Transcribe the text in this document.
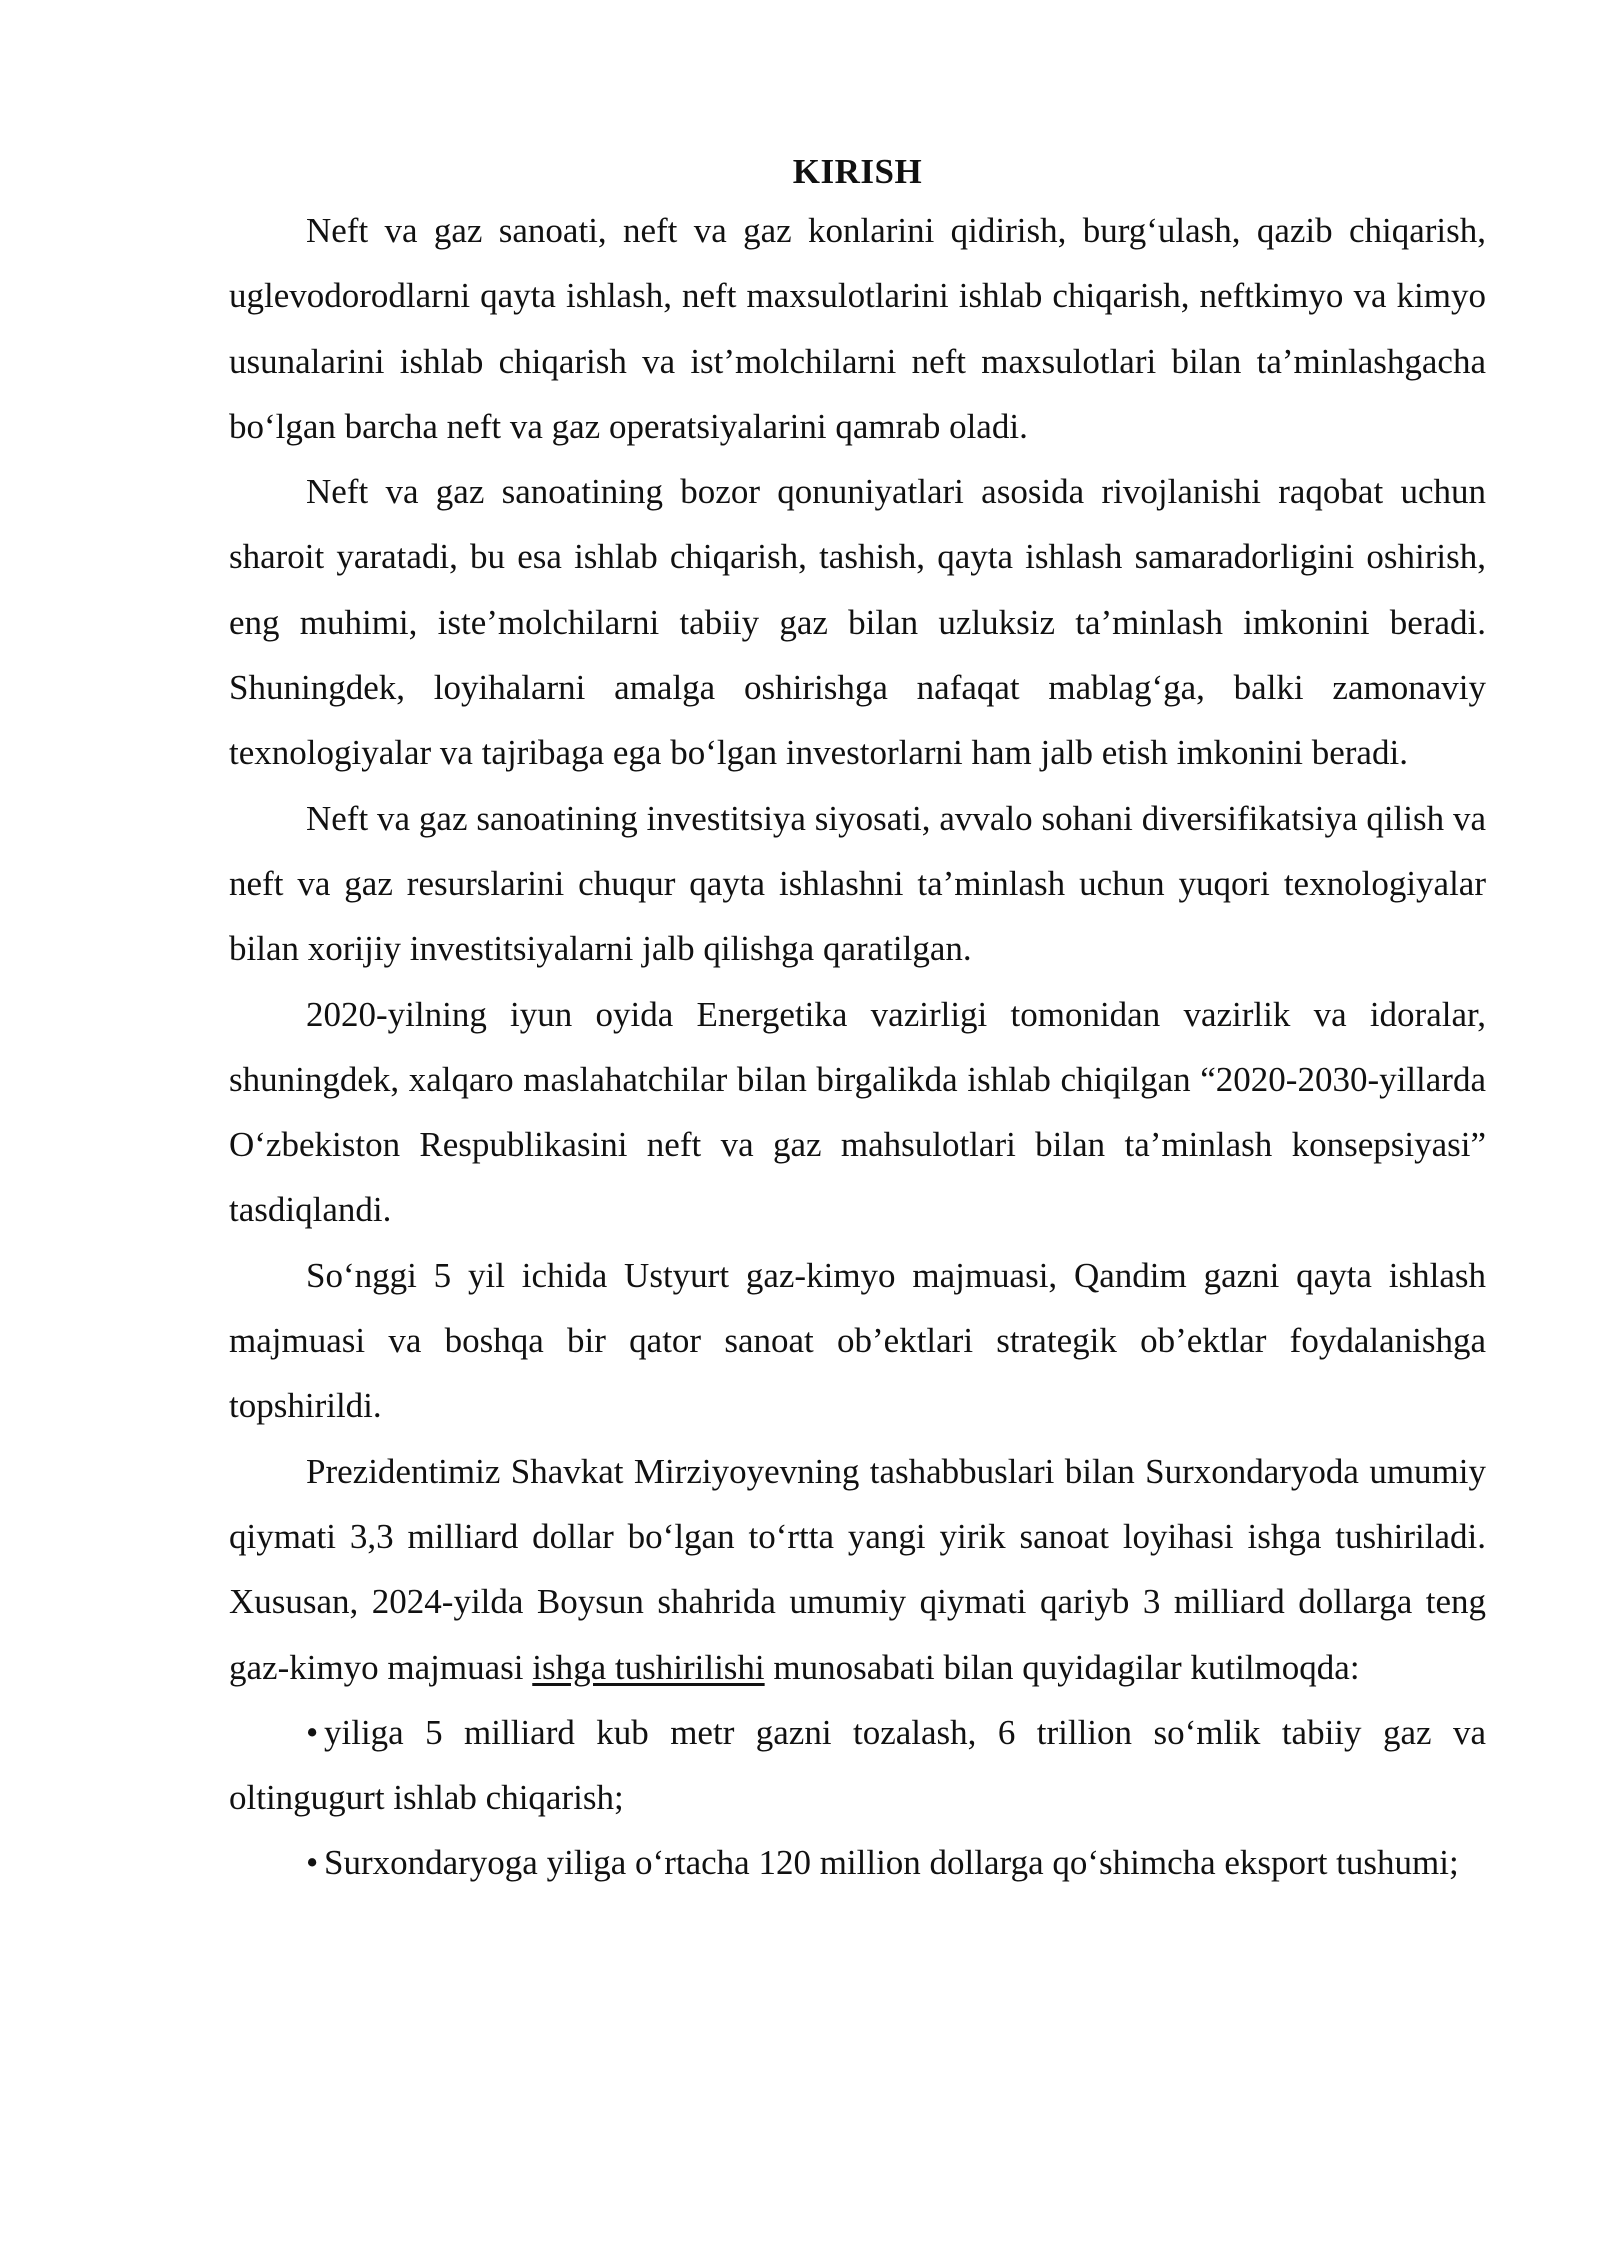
KIRISH

Neft va gaz sanoati, neft va gaz konlarini qidirish, burg‘ulash, qazib chiqarish, uglevodorodlarni qayta ishlash, neft maxsulotlarini ishlab chiqarish, neftkimyo va kimyo usunalarini ishlab chiqarish va ist’molchilarni neft maxsulotlari bilan ta’minlashgacha bo‘lgan barcha neft va gaz operatsiyalarini qamrab oladi.

Neft va gaz sanoatining bozor qonuniyatlari asosida rivojlanishi raqobat uchun sharoit yaratadi, bu esa ishlab chiqarish, tashish, qayta ishlash samaradorligini oshirish, eng muhimi, iste’molchilarni tabiiy gaz bilan uzluksiz ta’minlash imkonini beradi. Shuningdek, loyihalarni amalga oshirishga nafaqat mablag‘ga, balki zamonaviy texnologiyalar va tajribaga ega bo‘lgan investorlarni ham jalb etish imkonini beradi.

Neft va gaz sanoatining investitsiya siyosati, avvalo sohani diversifikatsiya qilish va neft va gaz resurslarini chuqur qayta ishlashni ta’minlash uchun yuqori texnologiyalar bilan xorijiy investitsiyalarni jalb qilishga qaratilgan.

2020-yilning iyun oyida Energetika vazirligi tomonidan vazirlik va idoralar, shuningdek, xalqaro maslahatchilar bilan birgalikda ishlab chiqilgan “2020-2030-yillarda O‘zbekiston Respublikasini neft va gaz mahsulotlari bilan ta’minlash konsepsiyasi” tasdiqlandi.

So‘nggi 5 yil ichida Ustyurt gaz-kimyo majmuasi, Qandim gazni qayta ishlash majmuasi va boshqa bir qator sanoat ob’ektlari strategik ob’ektlar foydalanishga topshirildi.

Prezidentimiz Shavkat Mirziyoyevning tashabbuslari bilan Surxondaryoda umumiy qiymati 3,3 milliard dollar bo‘lgan to‘rtta yangi yirik sanoat loyihasi ishga tushiriladi. Xususan, 2024-yilda Boysun shahrida umumiy qiymati qariyb 3 milliard dollarga teng gaz-kimyo majmuasi ishga tushirilishi munosabati bilan quyidagilar kutilmoqda:

• yiliga 5 milliard kub metr gazni tozalash, 6 trillion so‘mlik tabiiy gaz va oltingugurt ishlab chiqarish;

• Surxondaryoga yiliga o‘rtacha 120 million dollarga qo‘shimcha eksport tushumi;
